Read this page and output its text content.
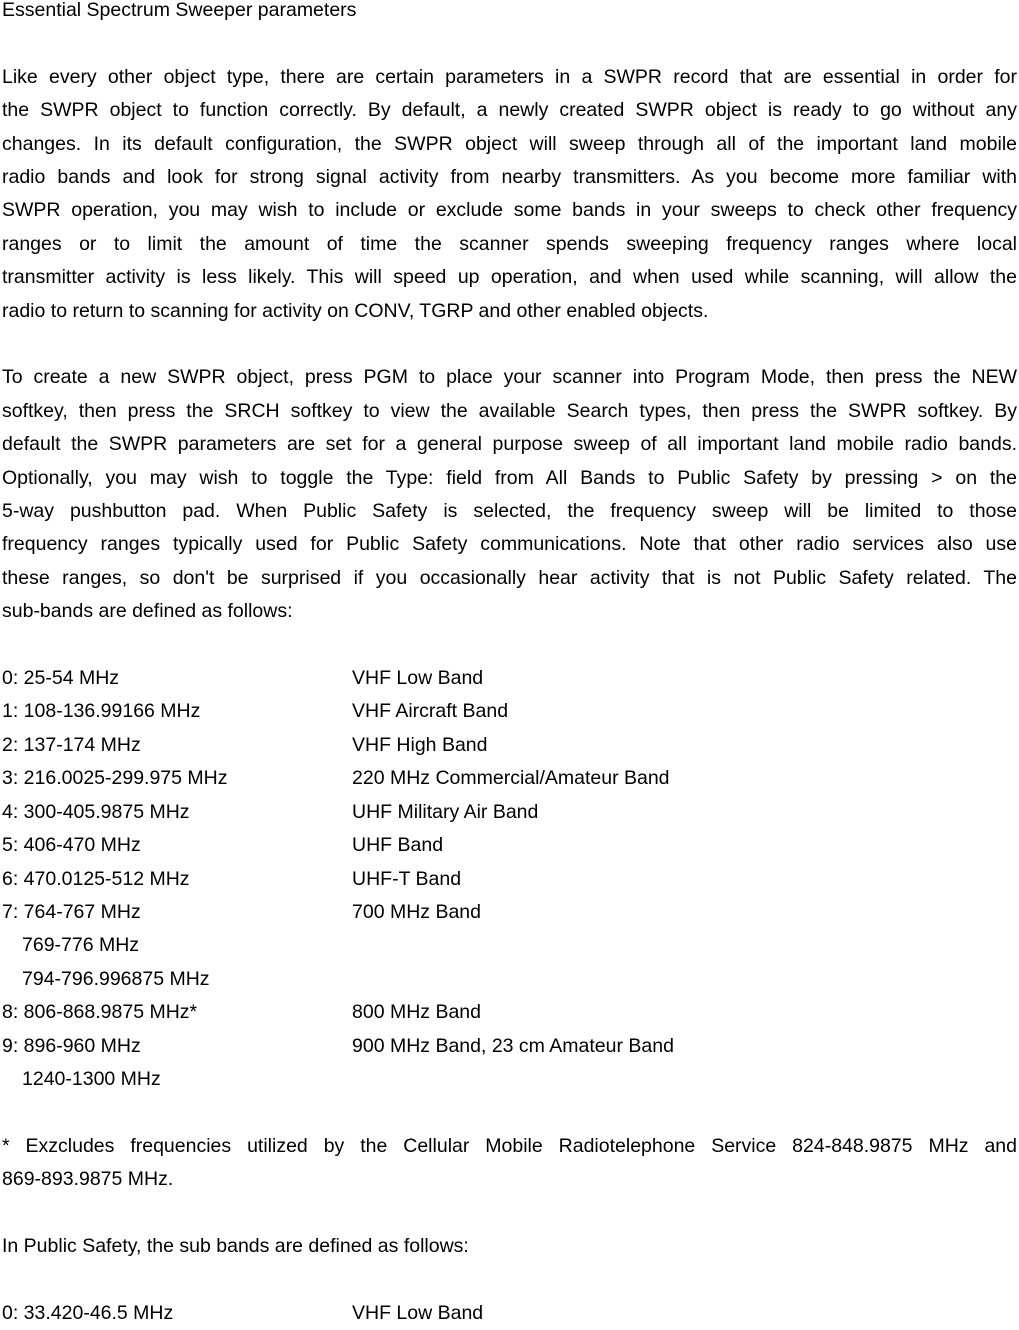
Essential Spectrum Sweeper parameters
Like every other object type, there are certain parameters in a SWPR record that are essential in order for
the SWPR object to function correctly. By default, a newly created SWPR object is ready to go without any
changes. In its default configuration, the SWPR object will sweep through all of the important land mobile
radio bands and look for strong signal activity from nearby transmitters. As you become more familiar with
SWPR operation, you may wish to include or exclude some bands in your sweeps to check other frequency
ranges or to limit the amount of time the scanner spends sweeping frequency ranges where local
transmitter activity is less likely. This will speed up operation, and when used while scanning, will allow the
radio to return to scanning for activity on CONV, TGRP and other enabled objects.
To create a new SWPR object, press PGM to place your scanner into Program Mode, then press the NEW
softkey, then press the SRCH softkey to view the available Search types, then press the SWPR softkey. By
default the SWPR parameters are set for a general purpose sweep of all important land mobile radio bands.
Optionally, you may wish to toggle the Type: field from All Bands to Public Safety by pressing > on the
5-way pushbutton pad. When Public Safety is selected, the frequency sweep will be limited to those
frequency ranges typically used for Public Safety communications. Note that other radio services also use
these ranges, so don't be surprised if you occasionally hear activity that is not Public Safety related. The
sub-bands are defined as follows:
0: 25-54 MHz	VHF Low Band
1: 108-136.99166 MHz	VHF Aircraft Band
2: 137-174 MHz	VHF High Band
3: 216.0025-299.975 MHz	220 MHz Commercial/Amateur Band
4: 300-405.9875 MHz	UHF Military Air Band
5: 406-470 MHz	UHF Band
6: 470.0125-512 MHz	UHF-T Band
7: 764-767 MHz	700 MHz Band
769-776 MHz
794-796.996875 MHz
8: 806-868.9875 MHz*	800 MHz Band
9: 896-960 MHz	900 MHz Band, 23 cm Amateur Band
1240-1300 MHz
* Exzcludes frequencies utilized by the Cellular Mobile Radiotelephone Service 824-848.9875 MHz and
869-893.9875 MHz.
In Public Safety, the sub bands are defined as follows:
0: 33.420-46.5 MHz	VHF Low Band
